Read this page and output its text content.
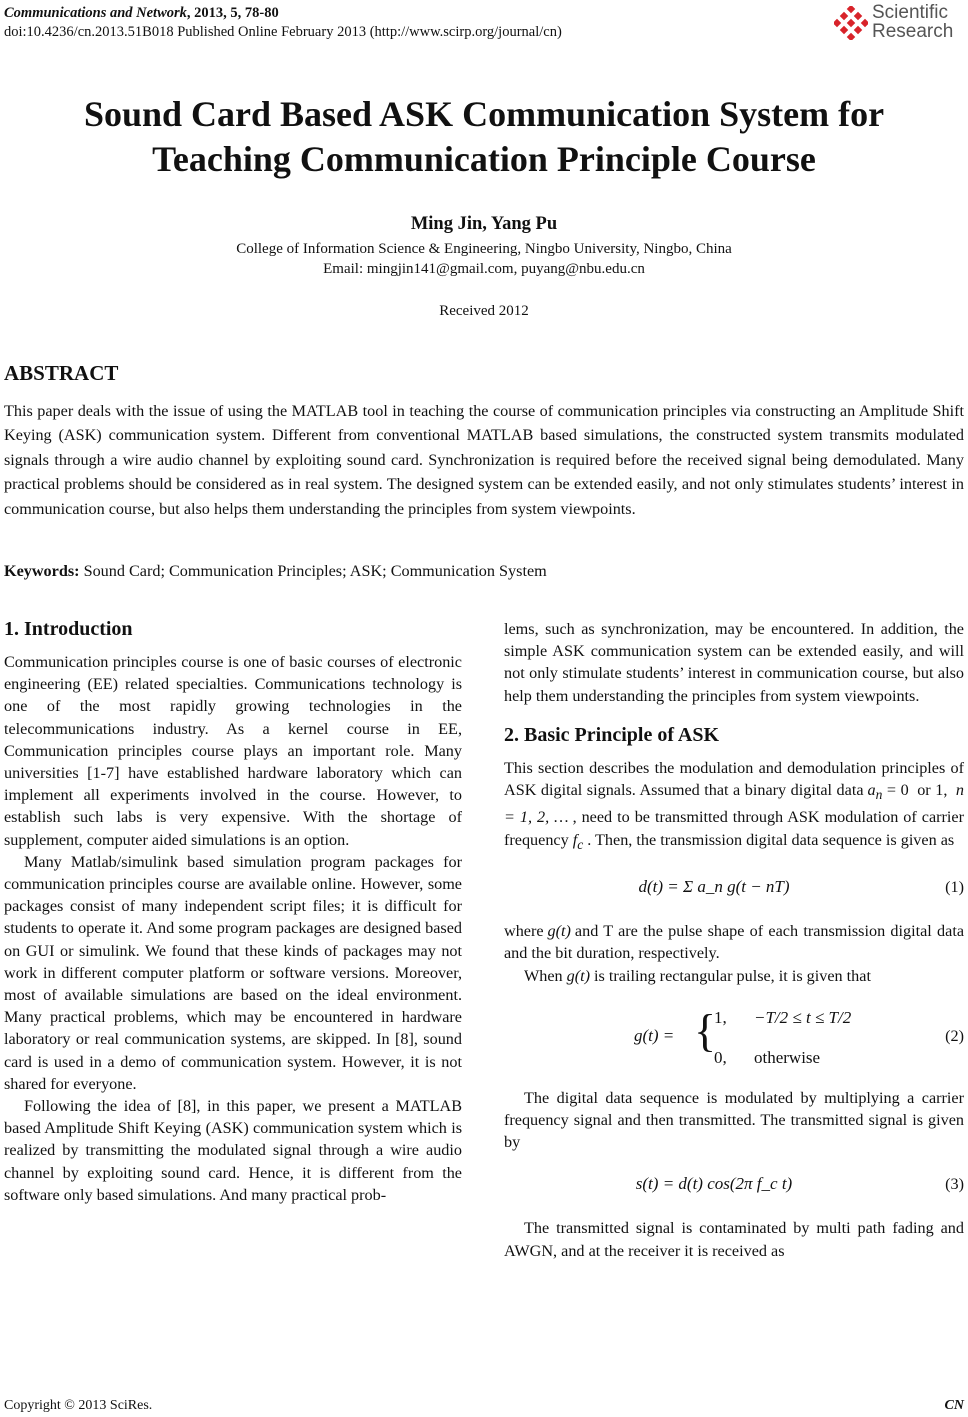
Communications and Network, 2013, 5, 78-80
doi:10.4236/cn.2013.51B018 Published Online February 2013 (http://www.scirp.org/journal/cn)
Scientific
Research
Sound Card Based ASK Communication System for
Teaching Communication Principle Course
Ming Jin, Yang Pu
College of Information Science & Engineering, Ningbo University, Ningbo, China
Email: mingjin141@gmail.com, puyang@nbu.edu.cn
Received 2012
ABSTRACT
This paper deals with the issue of using the MATLAB tool in teaching the course of communication principles via constructing an Amplitude Shift Keying (ASK) communication system. Different from conventional MATLAB based simulations, the constructed system transmits modulated signals through a wire audio channel by exploiting sound card. Synchronization is required before the received signal being demodulated. Many practical problems should be considered as in real system. The designed system can be extended easily, and not only stimulates students’ interest in communication course, but also helps them understanding the principles from system viewpoints.
Keywords: Sound Card; Communication Principles; ASK; Communication System
1. Introduction

Communication principles course is one of basic courses of electronic engineering (EE) related specialties. Communications technology is one of the most rapidly growing technologies in the telecommunications industry. As a kernel course in EE, Communication principles course plays an important role. Many universities [1-7] have established hardware laboratory which can implement all experiments involved in the course. However, to establish such labs is very expensive. With the shortage of supplement, computer aided simulations is an option.

Many Matlab/simulink based simulation program packages for communication principles course are available online. However, some packages consist of many independent script files; it is difficult for students to operate it. And some program packages are designed based on GUI or simulink. We found that these kinds of packages may not work in different computer platform or software versions. Moreover, most of available simulations are based on the ideal environment. Many practical problems, which may be encountered in hardware laboratory or real communication systems, are skipped. In [8], sound card is used in a demo of communication system. However, it is not shared for everyone.

Following the idea of [8], in this paper, we present a MATLAB based Amplitude Shift Keying (ASK) communication system which is realized by transmitting the modulated signal through a wire audio channel by exploiting sound card. Hence, it is different from the software only based simulations. And many practical prob-

lems, such as synchronization, may be encountered. In addition, the simple ASK communication system can be extended easily, and will not only stimulate students’ interest in communication course, but also help them understanding the principles from system viewpoints.

2. Basic Principle of ASK

This section describes the modulation and demodulation principles of ASK digital signals. Assumed that a binary digital data $a_n = 0$ or 1, n = 1, 2, … , need to be transmitted through ASK modulation of carrier frequency $f_c$ . Then, the transmission digital data sequence is given as

d(t) = Σ a_n g(t − nT)	(1)

where g(t) and T are the pulse shape of each transmission digital data and the bit duration, respectively.

When g(t) is trailing rectangular pulse, it is given that

g(t) = {
1, −T/2 ≤ t ≤ T/2
0, otherwise
(2)

The digital data sequence is modulated by multiplying a carrier frequency signal and then transmitted. The transmitted signal is given by

s(t) = d(t) cos(2π f_c t)	(3)

The transmitted signal is contaminated by multi path fading and AWGN, and at the receiver it is received as

Copyright © 2013 SciRes.	CN
